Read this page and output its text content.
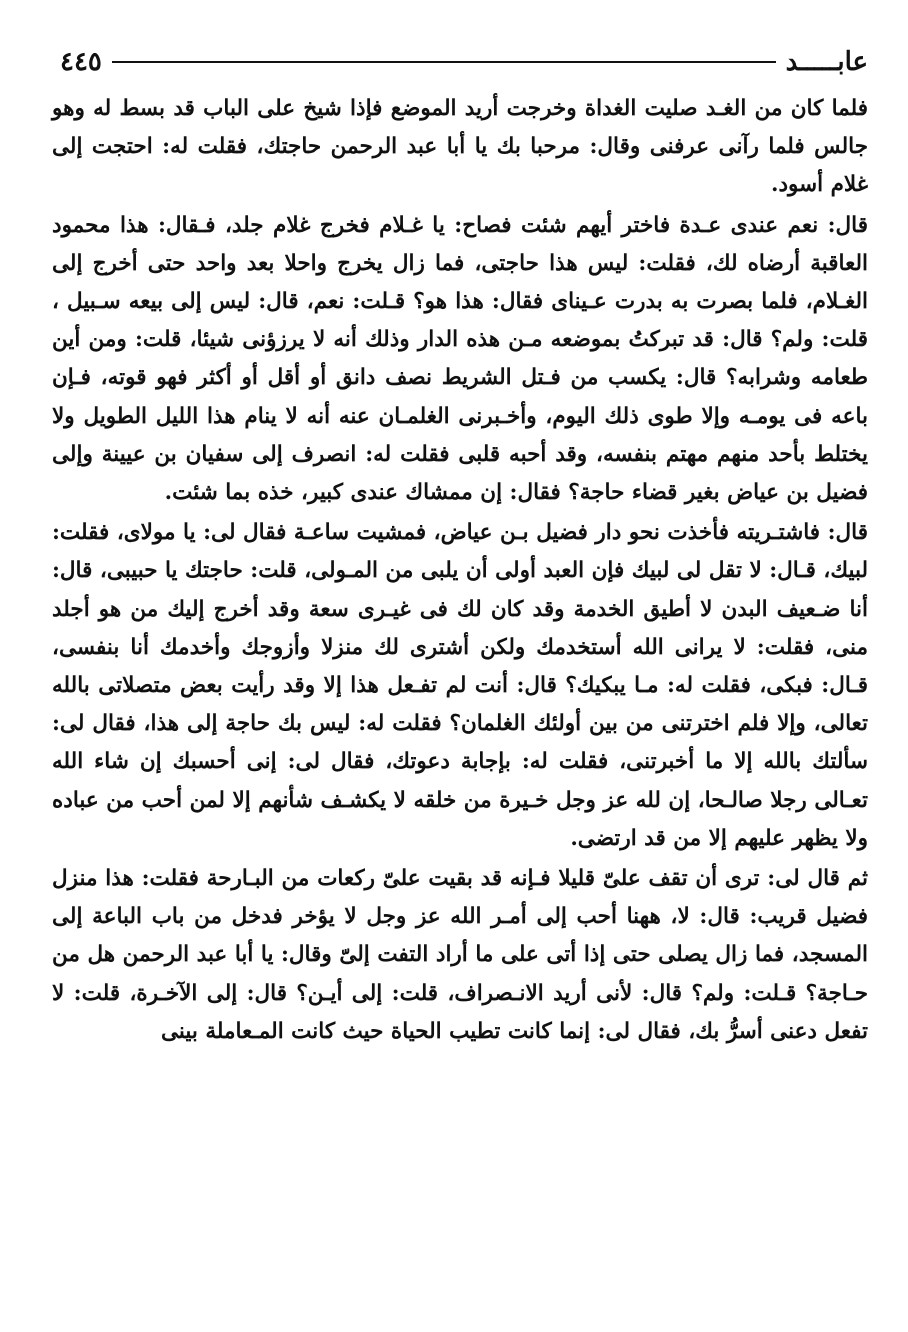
٤٤٥	عابـــــد

فلما كان من الغـد صليت الغداة وخرجت أريد الموضع فإذا شيخ على الباب قد بسط له وهو جالس فلما رآنى عرفنى وقال: مرحبا بك يا أبا عبد الرحمن حاجتك، فقلت له: احتجت إلى غلام أسود.

قال: نعم عندى عـدة فاختر أيهم شئت فصاح: يا غـلام فخرج غلام جلد، فـقال: هذا محمود العاقبة أرضاه لك، فقلت: ليس هذا حاجتى، فما زال يخرج واحلا بعد واحد حتى أخرج إلى الغـلام، فلما بصرت به بدرت عـيناى فقال: هذا هو؟ قـلت: نعم، قال: ليس إلى بيعه سـبيل ، قلت: ولم؟ قال: قد تبركتُ بموضعه مـن هذه الدار وذلك أنه لا يرزؤنى شيئا، قلت: ومن أين طعامه وشرابه؟ قال: يكسب من فـتل الشريط نصف دانق أو أقل أو أكثر فهو قوته، فـإن باعه فى يومـه وإلا طوى ذلك اليوم، وأخـبرنى الغلمـان عنه أنه لا ينام هذا الليل الطويل ولا يختلط بأحد منهم مهتم بنفسه، وقد أحبه قلبى فقلت له: انصرف إلى سفيان بن عيينة وإلى فضيل بن عياض بغير قضاء حاجة؟ فقال: إن ممشاك عندى كبير، خذه بما شئت.

قال: فاشتـريته فأخذت نحو دار فضيل بـن عياض، فمشيت ساعـة فقال لى: يا مولاى، فقلت: لبيك، قـال: لا تقل لى لبيك فإن العبد أولى أن يلبى من المـولى، قلت: حاجتك يا حبيبى، قال: أنا ضـعيف البدن لا أطيق الخدمة وقد كان لك فى غيـرى سعة وقد أخرج إليك من هو أجلد منى، فقلت: لا يرانى الله أستخدمك ولكن أشترى لك منزلا وأزوجك وأخدمك أنا بنفسى، قـال: فبكى، فقلت له: مـا يبكيك؟ قال: أنت لم تفـعل هذا إلا وقد رأيت بعض متصلاتى بالله تعالى، وإلا فلم اخترتنى من بين أولئك الغلمان؟ فقلت له: ليس بك حاجة إلى هذا، فقال لى: سألتك بالله إلا ما أخبرتنى، فقلت له: بإجابة دعوتك، فقال لى: إنى أحسبك إن شاء الله تعـالى رجلا صالـحا، إن لله عز وجل خـيرة من خلقه لا يكشـف شأنهم إلا لمن أحب من عباده ولا يظهر عليهم إلا من قد ارتضى.

ثم قال لى: ترى أن تقف علىّ قليلا فـإنه قد بقيت علىّ ركعات من البـارحة فقلت: هذا منزل فضيل قريب: قال: لا، ههنا أحب إلى أمـر الله عز وجل لا يؤخر فدخل من باب الباعة إلى المسجد، فما زال يصلى حتى إذا أتى على ما أراد التفت إلىّ وقال: يا أبا عبد الرحمن هل من حـاجة؟ قـلت: ولم؟ قال: لأنى أريد الانـصراف، قلت: إلى أيـن؟ قال: إلى الآخـرة، قلت: لا تفعل دعنى أسرُّ بك، فقال لى: إنما كانت تطيب الحياة حيث كانت المـعاملة بينى
